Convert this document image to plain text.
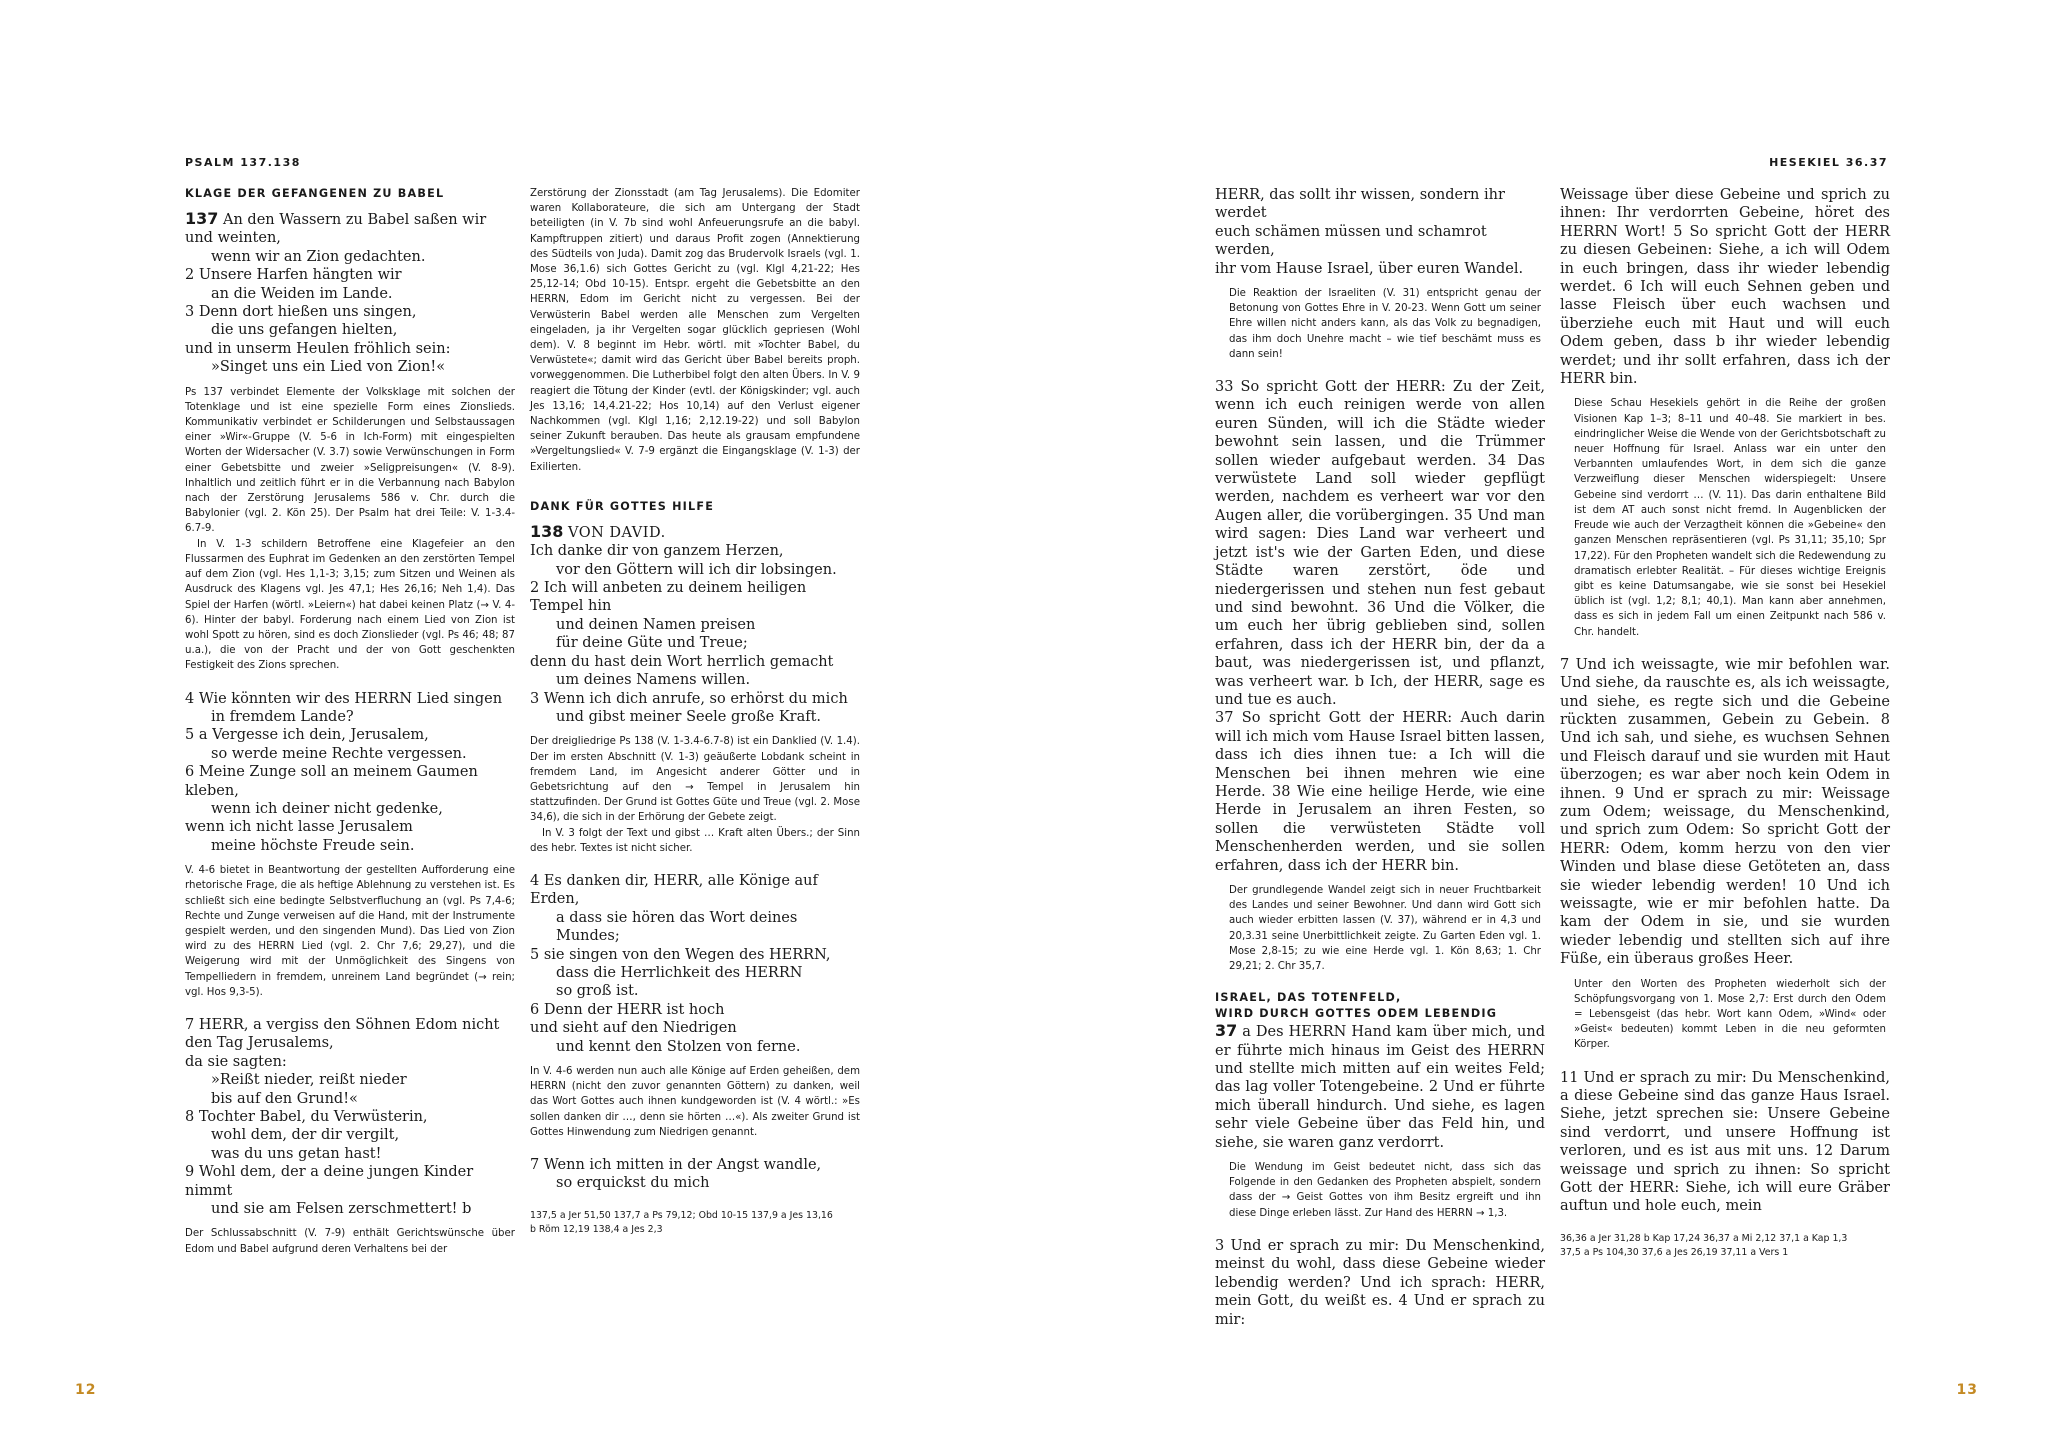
PSALM 137.138
KLAGE DER GEFANGENEN ZU BABEL
137 An den Wassern zu Babel saßen wir
und weinten,
wenn wir an Zion gedachten.
2 Unsere Harfen hängten wir
an die Weiden im Lande.
3 Denn dort hießen uns singen,
die uns gefangen hielten,
und in unserm Heulen fröhlich sein:
»Singet uns ein Lied von Zion!«

Ps 137 verbindet Elemente der Volksklage mit solchen der Totenklage und ist eine spezielle Form eines Zionslieds. Kommunikativ verbindet er Schilderungen und Selbstaussagen einer »Wir«-Gruppe (V. 5-6 in Ich-Form) mit eingespielten Worten der Widersacher (V. 3.7) sowie Verwünschungen in Form einer Gebetsbitte und zweier »Seligpreisungen« (V. 8-9). Inhaltlich und zeitlich führt er in die Verbannung nach Babylon nach der Zerstörung Jerusalems 586 v. Chr. durch die Babylonier (vgl. 2. Kön 25). Der Psalm hat drei Teile: V. 1-3.4-6.7-9.

In V. 1-3 schildern Betroffene eine Klagefeier an den Flussarmen des Euphrat im Gedenken an den zerstörten Tempel auf dem Zion (vgl. Hes 1,1-3; 3,15; zum Sitzen und Weinen als Ausdruck des Klagens vgl. Jes 47,1; Hes 26,16; Neh 1,4). Das Spiel der Harfen (wörtl. »Leiern«) hat dabei keinen Platz (→ V. 4-6). Hinter der babyl. Forderung nach einem Lied von Zion ist wohl Spott zu hören, sind es doch Zionslieder (vgl. Ps 46; 48; 87 u.a.), die von der Pracht und der von Gott geschenkten Festigkeit des Zions sprechen.

4 Wie könnten wir des HERRN Lied singen
in fremdem Lande?
5 a Vergesse ich dein, Jerusalem,
so werde meine Rechte vergessen.
6 Meine Zunge soll an meinem Gaumen kleben,
wenn ich deiner nicht gedenke,
wenn ich nicht lasse Jerusalem
meine höchste Freude sein.

V. 4-6 bietet in Beantwortung der gestellten Aufforderung eine rhetorische Frage, die als heftige Ablehnung zu verstehen ist. Es schließt sich eine bedingte Selbstverfluchung an (vgl. Ps 7,4-6; Rechte und Zunge verweisen auf die Hand, mit der Instrumente gespielt werden, und den singenden Mund). Das Lied von Zion wird zu des HERRN Lied (vgl. 2. Chr 7,6; 29,27), und die Weigerung wird mit der Unmöglichkeit des Singens von Tempelliedern in fremdem, unreinem Land begründet (→ rein; vgl. Hos 9,3-5).

7 HERR, a vergiss den Söhnen Edom nicht
den Tag Jerusalems,
da sie sagten:
»Reißt nieder, reißt nieder
bis auf den Grund!«
8 Tochter Babel, du Verwüsterin,
wohl dem, der dir vergilt,
was du uns getan hast!
9 Wohl dem, der a deine jungen Kinder nimmt
und sie am Felsen zerschmettert! b

Der Schlussabschnitt (V. 7-9) enthält Gerichtswünsche über Edom und Babel aufgrund deren Verhaltens bei der

Zerstörung der Zionsstadt (am Tag Jerusalems). Die Edomiter waren Kollaborateure, die sich am Untergang der Stadt beteiligten (in V. 7b sind wohl Anfeuerungsrufe an die babyl. Kampftruppen zitiert) und daraus Profit zogen (Annektierung des Südteils von Juda). Damit zog das Brudervolk Israels (vgl. 1. Mose 36,1.6) sich Gottes Gericht zu (vgl. Klgl 4,21-22; Hes 25,12-14; Obd 10-15). Entspr. ergeht die Gebetsbitte an den HERRN, Edom im Gericht nicht zu vergessen. Bei der Verwüsterin Babel werden alle Menschen zum Vergelten eingeladen, ja ihr Vergelten sogar glücklich gepriesen (Wohl dem). V. 8 beginnt im Hebr. wörtl. mit »Tochter Babel, du Verwüstete«; damit wird das Gericht über Babel bereits proph. vorweggenommen. Die Lutherbibel folgt den alten Übers. In V. 9 reagiert die Tötung der Kinder (evtl. der Königskinder; vgl. auch Jes 13,16; 14,4.21-22; Hos 10,14) auf den Verlust eigener Nachkommen (vgl. Klgl 1,16; 2,12.19-22) und soll Babylon seiner Zukunft berauben. Das heute als grausam empfundene »Vergeltungslied« V. 7-9 ergänzt die Eingangsklage (V. 1-3) der Exilierten.

DANK FÜR GOTTES HILFE
138 VON DAVID.
Ich danke dir von ganzem Herzen,
vor den Göttern will ich dir lobsingen.
2 Ich will anbeten zu deinem heiligen Tempel hin
und deinen Namen preisen
für deine Güte und Treue;
denn du hast dein Wort herrlich gemacht
um deines Namens willen.
3 Wenn ich dich anrufe, so erhörst du mich
und gibst meiner Seele große Kraft.

Der dreigliedrige Ps 138 (V. 1-3.4-6.7-8) ist ein Danklied (V. 1.4). Der im ersten Abschnitt (V. 1-3) geäußerte Lobdank scheint in fremdem Land, im Angesicht anderer Götter und in Gebetsrichtung auf den → Tempel in Jerusalem hin stattzufinden. Der Grund ist Gottes Güte und Treue (vgl. 2. Mose 34,6), die sich in der Erhörung der Gebete zeigt.

In V. 3 folgt der Text und gibst … Kraft alten Übers.; der Sinn des hebr. Textes ist nicht sicher.

4 Es danken dir, HERR, alle Könige auf Erden,
a dass sie hören das Wort deines Mundes;
5 sie singen von den Wegen des HERRN,
dass die Herrlichkeit des HERRN
so groß ist.
6 Denn der HERR ist hoch
und sieht auf den Niedrigen
und kennt den Stolzen von ferne.

In V. 4-6 werden nun auch alle Könige auf Erden geheißen, dem HERRN (nicht den zuvor genannten Göttern) zu danken, weil das Wort Gottes auch ihnen kundgeworden ist (V. 4 wörtl.: »Es sollen danken dir …, denn sie hörten …«). Als zweiter Grund ist Gottes Hinwendung zum Niedrigen genannt.

7 Wenn ich mitten in der Angst wandle,
so erquickst du mich
137,5 a Jer 51,50 137,7 a Ps 79,12; Obd 10-15 137,9 a Jes 13,16
b Röm 12,19 138,4 a Jes 2,3
12
HESEKIEL 36.37
HERR, das sollt ihr wissen, sondern ihr werdet
euch schämen müssen und schamrot werden,
ihr vom Hause Israel, über euren Wandel.

Die Reaktion der Israeliten (V. 31) entspricht genau der Betonung von Gottes Ehre in V. 20-23. Wenn Gott um seiner Ehre willen nicht anders kann, als das Volk zu begnadigen, das ihm doch Unehre macht – wie tief beschämt muss es dann sein!

33 So spricht Gott der HERR: Zu der Zeit, wenn ich euch reinigen werde von allen euren Sünden, will ich die Städte wieder bewohnt sein lassen, und die Trümmer sollen wieder aufgebaut werden. 34 Das verwüstete Land soll wieder gepflügt werden, nachdem es verheert war vor den Augen aller, die vorübergingen. 35 Und man wird sagen: Dies Land war verheert und jetzt ist's wie der Garten Eden, und diese Städte waren zerstört, öde und niedergerissen und stehen nun fest gebaut und sind bewohnt. 36 Und die Völker, die um euch her übrig geblieben sind, sollen erfahren, dass ich der HERR bin, der da a baut, was niedergerissen ist, und pflanzt, was verheert war. b Ich, der HERR, sage es und tue es auch.

37 So spricht Gott der HERR: Auch darin will ich mich vom Hause Israel bitten lassen, dass ich dies ihnen tue: a Ich will die Menschen bei ihnen mehren wie eine Herde. 38 Wie eine heilige Herde, wie eine Herde in Jerusalem an ihren Festen, so sollen die verwüsteten Städte voll Menschenherden werden, und sie sollen erfahren, dass ich der HERR bin.

Der grundlegende Wandel zeigt sich in neuer Fruchtbarkeit des Landes und seiner Bewohner. Und dann wird Gott sich auch wieder erbitten lassen (V. 37), während er in 4,3 und 20,3.31 seine Unerbittlichkeit zeigte. Zu Garten Eden vgl. 1. Mose 2,8-15; zu wie eine Herde vgl. 1. Kön 8,63; 1. Chr 29,21; 2. Chr 35,7.

ISRAEL, DAS TOTENFELD,
WIRD DURCH GOTTES ODEM LEBENDIG

37 a Des HERRN Hand kam über mich, und er führte mich hinaus im Geist des HERRN und stellte mich mitten auf ein weites Feld; das lag voller Totengebeine. 2 Und er führte mich überall hindurch. Und siehe, es lagen sehr viele Gebeine über das Feld hin, und siehe, sie waren ganz verdorrt.

Die Wendung im Geist bedeutet nicht, dass sich das Folgende in den Gedanken des Propheten abspielt, sondern dass der → Geist Gottes von ihm Besitz ergreift und ihn diese Dinge erleben lässt. Zur Hand des HERRN → 1,3.

3 Und er sprach zu mir: Du Menschenkind, meinst du wohl, dass diese Gebeine wieder lebendig werden? Und ich sprach: HERR, mein Gott, du weißt es. 4 Und er sprach zu mir:

Weissage über diese Gebeine und sprich zu ihnen: Ihr verdorrten Gebeine, höret des HERRN Wort! 5 So spricht Gott der HERR zu diesen Gebeinen: Siehe, a ich will Odem in euch bringen, dass ihr wieder lebendig werdet. 6 Ich will euch Sehnen geben und lasse Fleisch über euch wachsen und überziehe euch mit Haut und will euch Odem geben, dass b ihr wieder lebendig werdet; und ihr sollt erfahren, dass ich der HERR bin.

Diese Schau Hesekiels gehört in die Reihe der großen Visionen Kap 1–3; 8–11 und 40–48. Sie markiert in bes. eindringlicher Weise die Wende von der Gerichtsbotschaft zu neuer Hoffnung für Israel. Anlass war ein unter den Verbannten umlaufendes Wort, in dem sich die ganze Verzweiflung dieser Menschen widerspiegelt: Unsere Gebeine sind verdorrt … (V. 11). Das darin enthaltene Bild ist dem AT auch sonst nicht fremd. In Augenblicken der Freude wie auch der Verzagtheit können die »Gebeine« den ganzen Menschen repräsentieren (vgl. Ps 31,11; 35,10; Spr 17,22). Für den Propheten wandelt sich die Redewendung zu dramatisch erlebter Realität. – Für dieses wichtige Ereignis gibt es keine Datumsangabe, wie sie sonst bei Hesekiel üblich ist (vgl. 1,2; 8,1; 40,1). Man kann aber annehmen, dass es sich in jedem Fall um einen Zeitpunkt nach 586 v. Chr. handelt.

7 Und ich weissagte, wie mir befohlen war. Und siehe, da rauschte es, als ich weissagte, und siehe, es regte sich und die Gebeine rückten zusammen, Gebein zu Gebein. 8 Und ich sah, und siehe, es wuchsen Sehnen und Fleisch darauf und sie wurden mit Haut überzogen; es war aber noch kein Odem in ihnen. 9 Und er sprach zu mir: Weissage zum Odem; weissage, du Menschenkind, und sprich zum Odem: So spricht Gott der HERR: Odem, komm herzu von den vier Winden und blase diese Getöteten an, dass sie wieder lebendig werden! 10 Und ich weissagte, wie er mir befohlen hatte. Da kam der Odem in sie, und sie wurden wieder lebendig und stellten sich auf ihre Füße, ein überaus großes Heer.

Unter den Worten des Propheten wiederholt sich der Schöpfungsvorgang von 1. Mose 2,7: Erst durch den Odem = Lebensgeist (das hebr. Wort kann Odem, »Wind« oder »Geist« bedeuten) kommt Leben in die neu geformten Körper.

11 Und er sprach zu mir: Du Menschenkind, a diese Gebeine sind das ganze Haus Israel. Siehe, jetzt sprechen sie: Unsere Gebeine sind verdorrt, und unsere Hoffnung ist verloren, und es ist aus mit uns. 12 Darum weissage und sprich zu ihnen: So spricht Gott der HERR: Siehe, ich will eure Gräber auftun und hole euch, mein

36,36 a Jer 31,28 b Kap 17,24 36,37 a Mi 2,12 37,1 a Kap 1,3
37,5 a Ps 104,30 37,6 a Jes 26,19 37,11 a Vers 1
13
